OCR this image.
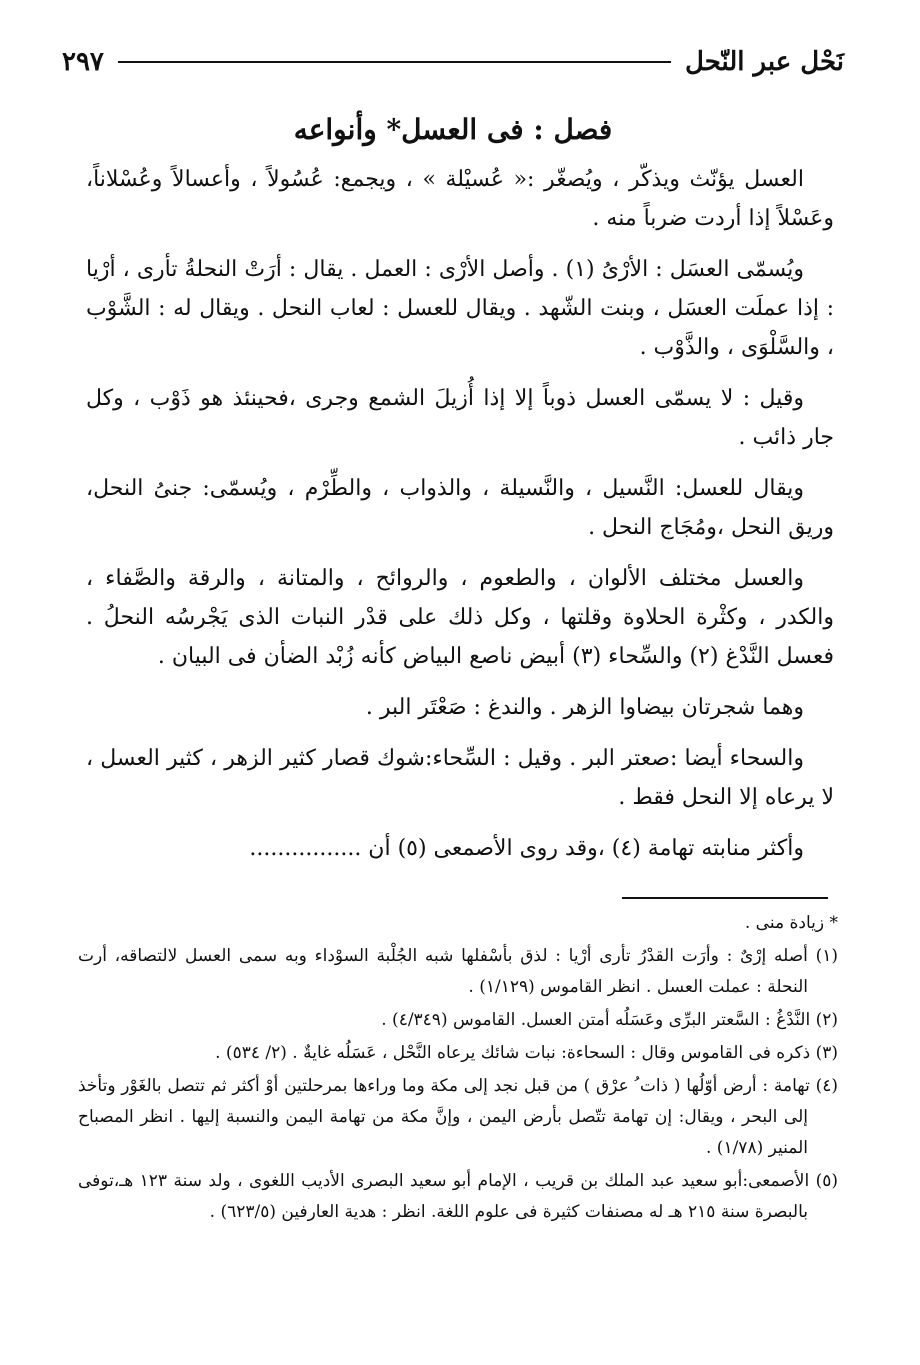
نَحْل عبر النّحل
٢٩٧
فصل : فى العسل* وأنواعه

العسل يؤنّث ويذكّر ، ويُصغّر :« عُسيْلة » ، ويجمع: عُسُولاً ، وأعسالاً وعُسْلاناً، وعَسْلاً إذا أردت ضرباً منه .

ويُسمّى العسَل : الأرْىُ (١) . وأصل الأرْى : العمل . يقال : أرَتْ النحلةُ تأرى ، أرْيا : إذا عملَت العسَل ، وبنت الشّهد . ويقال للعسل : لعاب النحل . ويقال له : الشَّوْب ، والسَّلْوَى ، والذَّوْب .

وقيل : لا يسمّى العسل ذوباً إلا إذا أُزيلَ الشمع وجرى ،فحينئذ هو ذَوْب ، وكل جار ذائب .

ويقال للعسل: النَّسيل ، والنَّسيلة ، والذواب ، والطِّرْم ، ويُسمّى: جنىُ النحل، وريق النحل ،ومُجَاج النحل .

والعسل مختلف الألوان ، والطعوم ، والروائح ، والمتانة ، والرقة والصَّفاء ، والكدر ، وكثْرة الحلاوة وقلتها ، وكل ذلك على قدْر النبات الذى يَجْرسُه النحلُ . فعسل النَّدْغ (٢) والسِّحاء (٣) أبيض ناصع البياض كأنه زُبْد الضأن فى البيان .

وهما شجرتان بيضاوا الزهر . والندغ : صَعْتَر البر .

والسحاء أيضا :صعتر البر . وقيل : السِّحاء:شوك قصار كثير الزهر ، كثير العسل ، لا يرعاه إلا النحل فقط .

وأكثر منابته تهامة (٤) ،وقد روى الأصمعى (٥) أن ................

* زيادة منى .

(١) أصله إرْىٌ : وأرَت القدْرُ تأرى أرْيا : لذق بأسْفلها شبه الجُلْبة السوْداء وبه سمى العسل لالتصاقه، أرت النحلة : عملت العسل . انظر القاموس (١/١٢٩) .

(٢) النَّدْغُ : السَّعتر البرِّى وعَسَلُه أمتن العسل. القاموس (٤/٣٤٩) .

(٣) ذكره فى القاموس وقال : السحاءة: نبات شائك يرعاه النَّحْل ، عَسَلُه غايةٌ . (٢/ ٥٣٤) .

(٤) تهامة : أرض أوّلُها ( ذات ُ عرْق ) من قبل نجد إلى مكة وما وراءها بمرحلتين أوْ أكثر ثم تتصل بالغَوْر وتأخذ إلى البحر ، ويقال: إن تهامة تتّصل بأرض اليمن ، وإنَّ مكة من تهامة اليمن والنسبة إليها . انظر المصباح المنير (١/٧٨) .

(٥) الأصمعى:أبو سعيد عبد الملك بن قريب ، الإمام أبو سعيد البصرى الأديب اللغوى ، ولد سنة ١٢٣ هـ،توفى بالبصرة سنة ٢١٥ هـ له مصنفات كثيرة فى علوم اللغة. انظر : هدية العارفين (٦٢٣/٥) .
